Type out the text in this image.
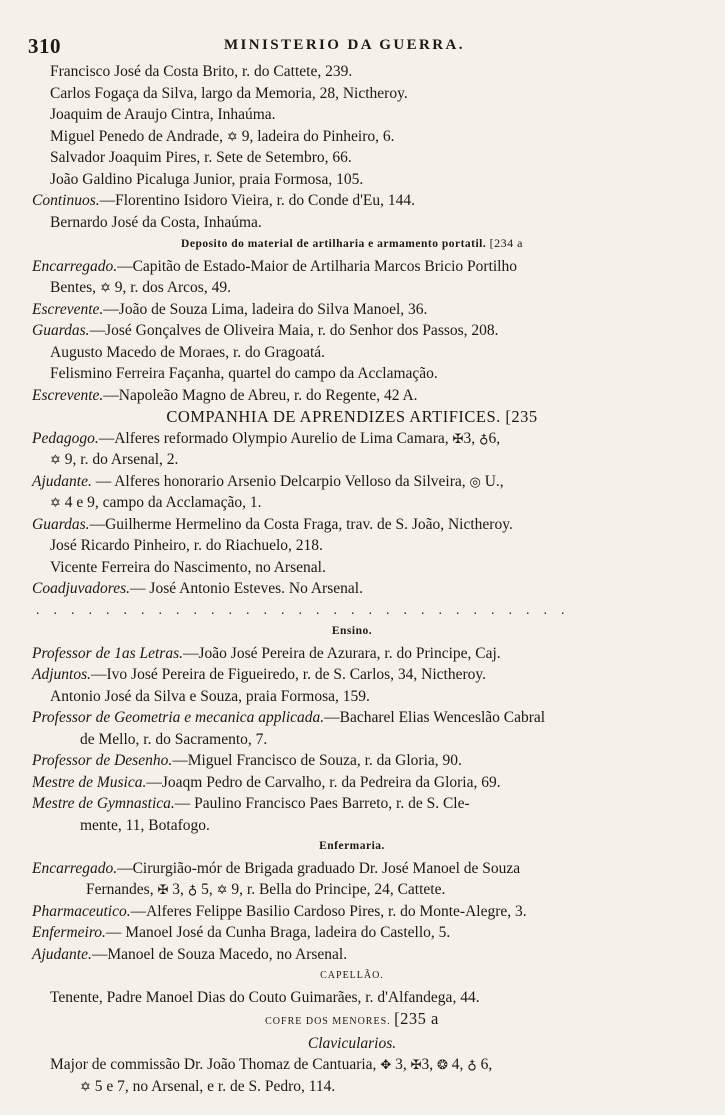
310	MINISTERIO DA GUERRA.
Francisco José da Costa Brito, r. do Cattete, 239.
Carlos Fogaça da Silva, largo da Memoria, 28, Nictheroy.
Joaquim de Araujo Cintra, Inhaúma.
Miguel Penedo de Andrade, ✡ 9, ladeira do Pinheiro, 6.
Salvador Joaquim Pires, r. Sete de Setembro, 66.
João Galdino Picaluga Junior, praia Formosa, 105.
Continuos.—Florentino Isidoro Vieira, r. do Conde d'Eu, 144.
Bernardo José da Costa, Inhaúma.
Deposito do material de artilharia e armamento portatil. [234 a
Encarregado.—Capitão de Estado-Maior de Artilharia Marcos Bricio Portilho
Bentes, ✡ 9, r. dos Arcos, 49.
Escrevente.—João de Souza Lima, ladeira do Silva Manoel, 36.
Guardas.—José Gonçalves de Oliveira Maia, r. do Senhor dos Passos, 208.
Augusto Macedo de Moraes, r. do Gragoatá.
Felismino Ferreira Façanha, quartel do campo da Acclamação.
Escrevente.—Napoleão Magno de Abreu, r. do Regente, 42 A.
COMPANHIA DE APRENDIZES ARTIFICES. [235
Pedagogo.—Alferes reformado Olympio Aurelio de Lima Camara, ✠3, ♁6,
✡ 9, r. do Arsenal, 2.
Ajudante. — Alferes honorario Arsenio Delcarpio Velloso da Silveira, ◎ U.,
✡ 4 e 9, campo da Acclamação, 1.
Guardas.—Guilherme Hermelino da Costa Fraga, trav. de S. João, Nictheroy.
José Ricardo Pinheiro, r. do Riachuelo, 218.
Vicente Ferreira do Nascimento, no Arsenal.
Coadjuvadores.— José Antonio Esteves. No Arsenal.
...............................
Ensino.
Professor de 1as Letras.—João José Pereira de Azurara, r. do Principe, Caj.
Adjuntos.—Ivo José Pereira de Figueiredo, r. de S. Carlos, 34, Nictheroy.
Antonio José da Silva e Souza, praia Formosa, 159.
Professor de Geometria e mecanica applicada.—Bacharel Elias Wenceslão Cabral
de Mello, r. do Sacramento, 7.
Professor de Desenho.—Miguel Francisco de Souza, r. da Gloria, 90.
Mestre de Musica.—Joaqm Pedro de Carvalho, r. da Pedreira da Gloria, 69.
Mestre de Gymnastica.— Paulino Francisco Paes Barreto, r. de S. Cle-
mente, 11, Botafogo.
Enfermaria.
Encarregado.—Cirurgião-mór de Brigada graduado Dr. José Manoel de Souza
Fernandes, ✠ 3, ♁ 5, ✡ 9, r. Bella do Principe, 24, Cattete.
Pharmaceutico.—Alferes Felippe Basilio Cardoso Pires, r. do Monte-Alegre, 3.
Enfermeiro.— Manoel José da Cunha Braga, ladeira do Castello, 5.
Ajudante.—Manoel de Souza Macedo, no Arsenal.
CAPELLÃO.
Tenente, Padre Manoel Dias do Couto Guimarães, r. d'Alfandega, 44.
COFRE DOS MENORES. [235 a
Clavicularios.
Major de commissão Dr. João Thomaz de Cantuaria, ✥ 3, ✠3, ❂ 4, ♁ 6,
✡ 5 e 7, no Arsenal, e r. de S. Pedro, 114.
